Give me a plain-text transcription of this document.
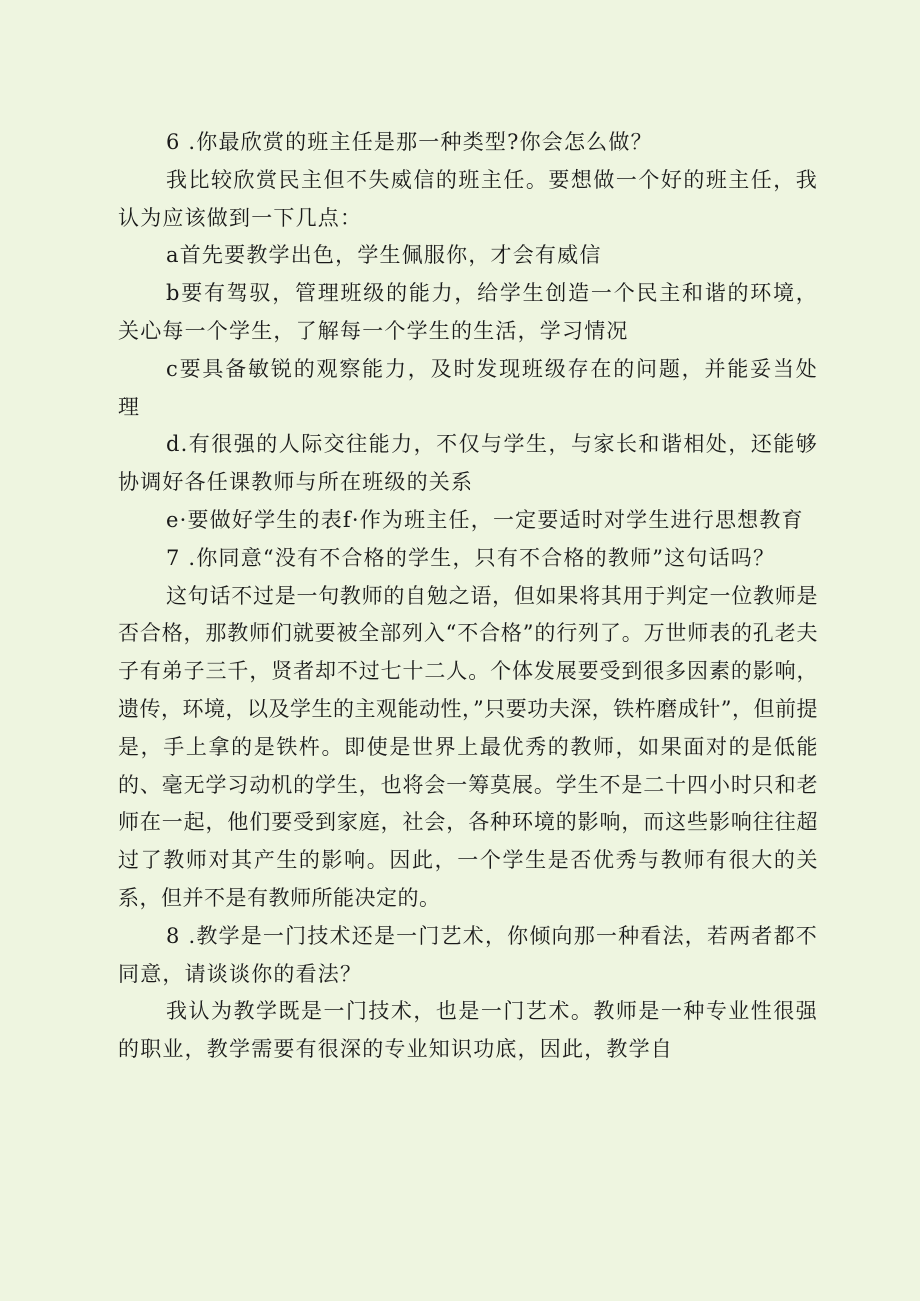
6 .你最欣赏的班主任是那一种类型?你会怎么做？

我比较欣赏民主但不失威信的班主任。要想做一个好的班主任，我认为应该做到一下几点：

a首先要教学出色，学生佩服你，才会有威信

b要有驾驭，管理班级的能力，给学生创造一个民主和谐的环境，关心每一个学生，了解每一个学生的生活，学习情况

c要具备敏锐的观察能力，及时发现班级存在的问题，并能妥当处理

d.有很强的人际交往能力，不仅与学生，与家长和谐相处，还能够协调好各任课教师与所在班级的关系

e·要做好学生的表f·作为班主任，一定要适时对学生进行思想教育

7 .你同意“没有不合格的学生，只有不合格的教师”这句话吗？

这句话不过是一句教师的自勉之语，但如果将其用于判定一位教师是否合格，那教师们就要被全部列入“不合格”的行列了。万世师表的孔老夫子有弟子三千，贤者却不过七十二人。个体发展要受到很多因素的影响，遗传，环境，以及学生的主观能动性，”只要功夫深，铁杵磨成针”，但前提是，手上拿的是铁杵。即使是世界上最优秀的教师，如果面对的是低能的、毫无学习动机的学生，也将会一筹莫展。学生不是二十四小时只和老师在一起，他们要受到家庭，社会，各种环境的影响，而这些影响往往超过了教师对其产生的影响。因此，一个学生是否优秀与教师有很大的关系，但并不是有教师所能决定的。

8 .教学是一门技术还是一门艺术，你倾向那一种看法，若两者都不同意，请谈谈你的看法？

我认为教学既是一门技术，也是一门艺术。教师是一种专业性很强的职业，教学需要有很深的专业知识功底，因此，教学自
